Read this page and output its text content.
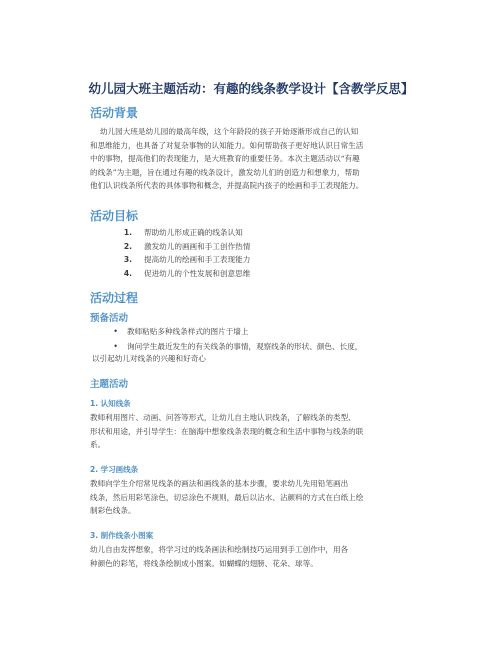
幼儿园大班主题活动：有趣的线条教学设计【含教学反思】
活动背景
幼儿园大班是幼儿园的最高年级，这个年龄段的孩子开始逐渐形成自己的认知
和思维能力，也具备了对复杂事物的认知能力。如何帮助孩子更好地认识日常生活
中的事物，提高他们的表现能力，是大班教育的重要任务。本次主题活动以“有趣
的线条”为主题，旨在通过有趣的线条设计，激发幼儿们的创造力和想象力，帮助
他们认识线条所代表的具体事物和概念，并提高院内孩子的绘画和手工表现能力。
活动目标
1. 帮助幼儿形成正确的线条认知
2. 激发幼儿的画画和手工创作热情
3. 提高幼儿的绘画和手工表现能力
4. 促进幼儿的个性发展和创意思维
活动过程
预备活动
• 教师粘贴多种线条样式的图片于墙上
• 询问学生最近发生的有关线条的事情，观察线条的形状、颜色、长度，
以引起幼儿对线条的兴趣和好奇心
主题活动
1. 认知线条
教师利用图片、动画、问答等形式，让幼儿自主地认识线条，了解线条的类型、
形状和用途，并引导学生：在脑海中想象线条表现的概念和生活中事物与线条的联
系。
2. 学习画线条
教师向学生介绍常见线条的画法和画线条的基本步骤，要求幼儿先用铅笔画出
线条，然后用彩笔涂色，切忌涂色不规则，最后以沾水、沾颜料的方式在白纸上绘
制彩色线条。
3. 制作线条小图案
幼儿自由发挥想象，将学习过的线条画法和绘制技巧运用到手工创作中，用各
种颜色的彩笔，将线条绘制成小图案。如蝴蝶的翅膀、花朵、球等。
